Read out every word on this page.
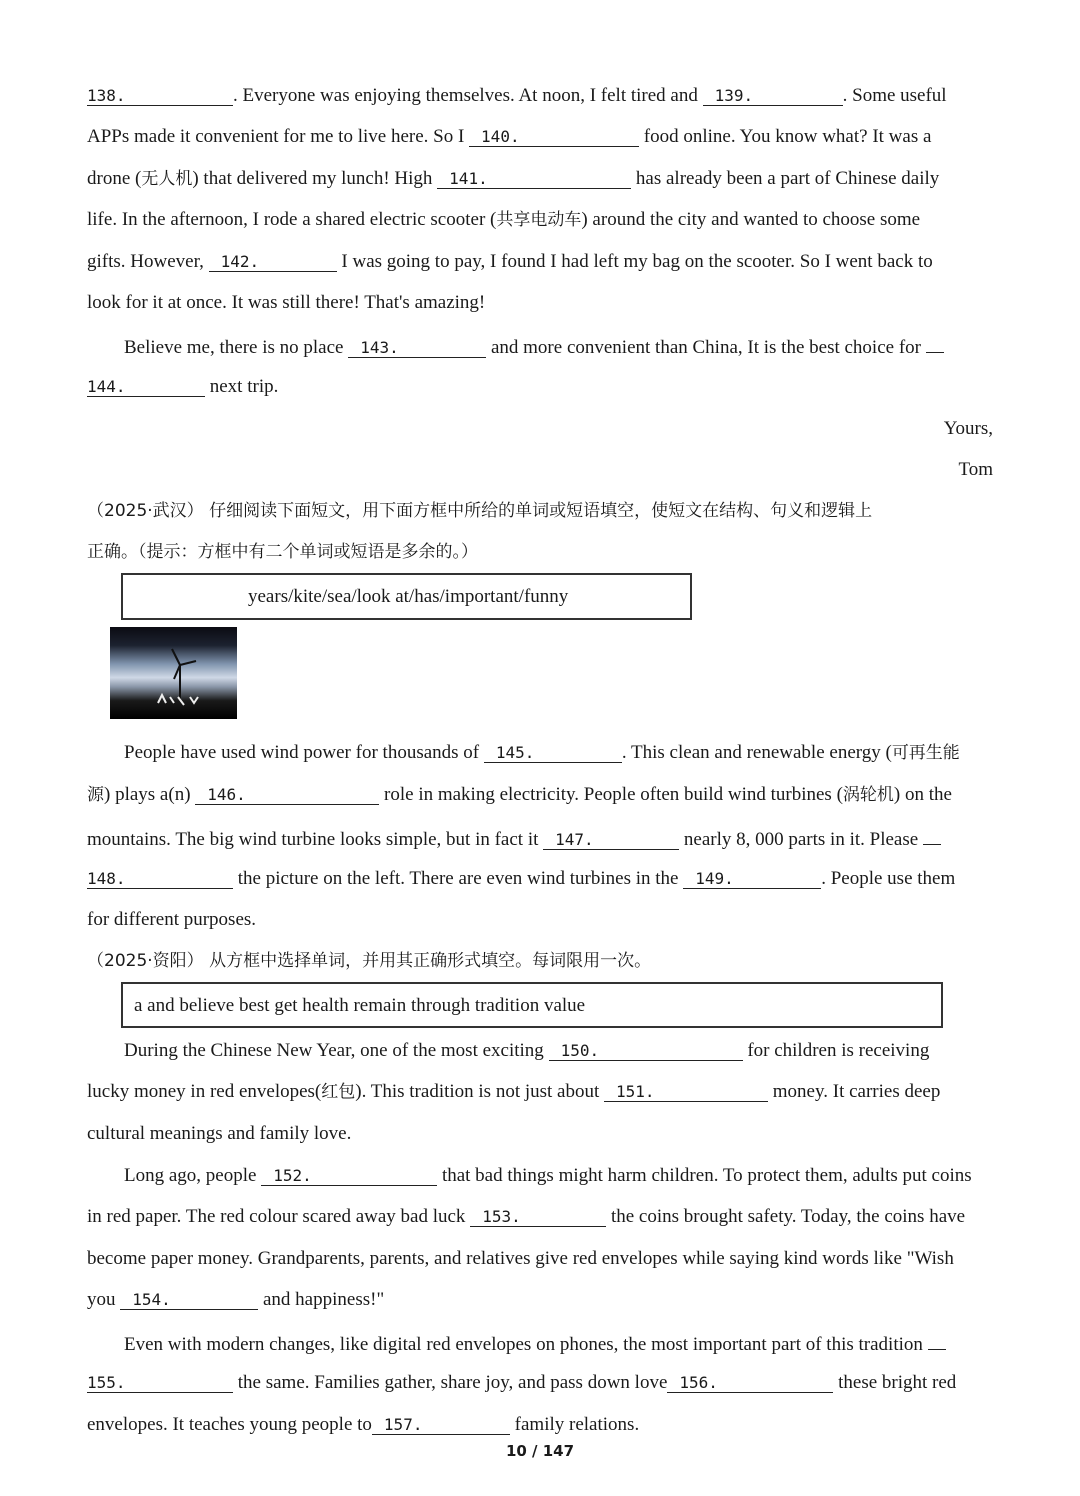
138.	. Everyone was enjoying themselves. At noon, I felt tired and 139.	. Some useful
APPs made it convenient for me to live here. So I 140.	food online. You know what? It was a
drone (无人机) that delivered my lunch! High 141.	has already been a part of Chinese daily
life. In the afternoon, I rode a shared electric scooter (共享电动车) around the city and wanted to choose some
gifts. However, 142.	I was going to pay, I found I had left my bag on the scooter. So I went back to
look for it at once. It was still there! That's amazing!
Believe me, there is no place 143.	and more convenient than China, It is the best choice for
144.	next trip.
Yours,
Tom
（2025·武汉） 仔细阅读下面短文，用下面方框中所给的单词或短语填空，使短文在结构、句义和逻辑上
正确。（提示：方框中有二个单词或短语是多余的。）
years/kite/sea/look at/has/important/funny
People have used wind power for thousands of 145.	. This clean and renewable energy (可再生能
源) plays a(n) 146.	role in making electricity. People often build wind turbines (涡轮机) on the
mountains. The big wind turbine looks simple, but in fact it 147.	nearly 8, 000 parts in it. Please
148.	the picture on the left. There are even wind turbines in the 149.	. People use them
for different purposes.
（2025·资阳） 从方框中选择单词，并用其正确形式填空。每词限用一次。
a and believe best get health remain through tradition value
During the Chinese New Year, one of the most exciting 150.	for children is receiving
lucky money in red envelopes(红包). This tradition is not just about 151.	money. It carries deep
cultural meanings and family love.
Long ago, people 152.	that bad things might harm children. To protect them, adults put coins
in red paper. The red colour scared away bad luck 153.	the coins brought safety. Today, the coins have
become paper money. Grandparents, parents, and relatives give red envelopes while saying kind words like "Wish
you 154.	and happiness!"
Even with modern changes, like digital red envelopes on phones, the most important part of this tradition
155.	the same. Families gather, share joy, and pass down love 156.	these bright red
envelopes. It teaches young people to 157.	family relations.
10 / 147
